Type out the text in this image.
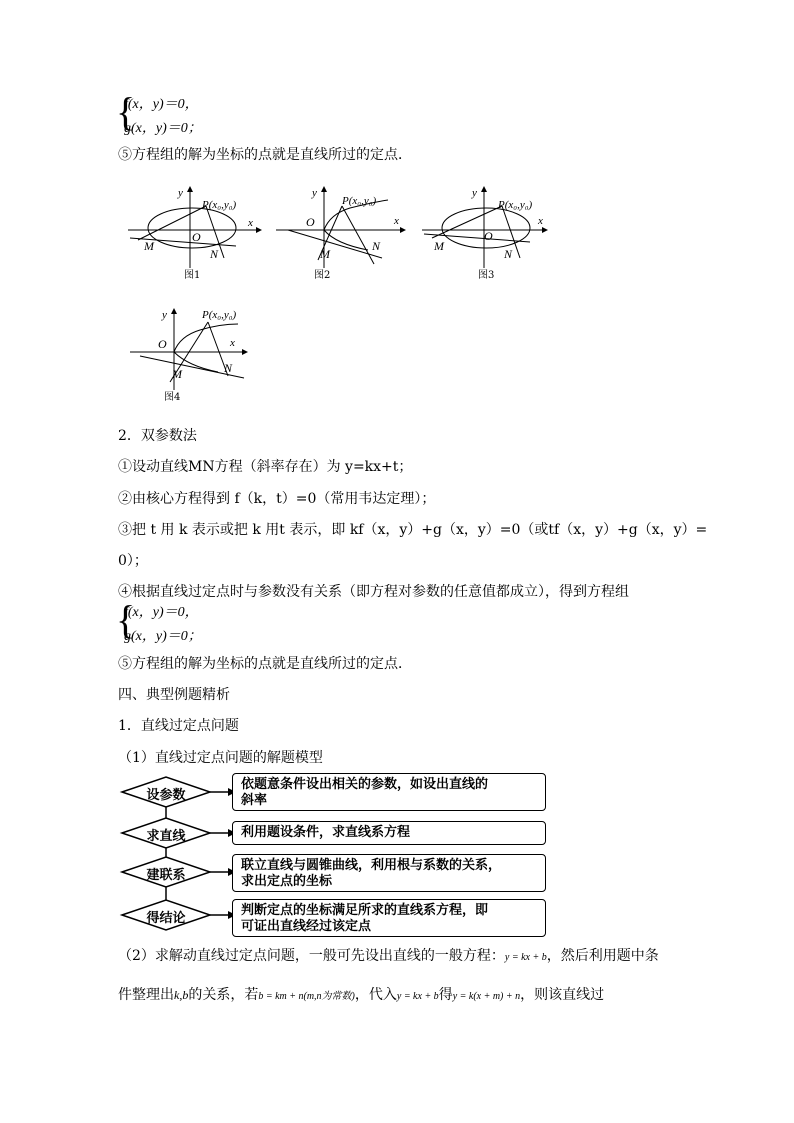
{
f(x，y)＝0，
g(x，y)＝0；
⑤方程组的解为坐标的点就是直线所过的定点．
y
x
P(x₀,y₀)
O
M
N
图1
y
x
P(x₀,y₀)
O
M
N
图2
y
x
P(x₀,y₀)
O
M
N
图3
y
x
P(x₀,y₀)
O
M	N
图4
2．双参数法
①设动直线MN方程（斜率存在）为 y=kx+t；
②由核心方程得到 f（k，t）=0（常用韦达定理）；
③把 t 用 k 表示或把 k 用t 表示，即 kf（x，y）+g（x，y）=0（或tf（x，y）+g（x，y）=
0）；
④根据直线过定点时与参数没有关系（即方程对参数的任意值都成立），得到方程组
{
f(x，y)＝0，
g(x，y)＝0；
⑤方程组的解为坐标的点就是直线所过的定点．
四、典型例题精析
1．直线过定点问题
（1）直线过定点问题的解题模型
设参数
求直线
建联系
得结论
依题意条件设出相关的参数，如设出直线的
斜率
利用题设条件，求直线系方程
联立直线与圆锥曲线，利用根与系数的关系，
求出定点的坐标
判断定点的坐标满足所求的直线系方程，即
可证出直线经过该定点
（2）求解动直线过定点问题，一般可先设出直线的一般方程：y = kx + b，然后利用题中条
件整理出k,b的关系，若b = km + n(m,n为常数)，代入y = kx + b得y = k(x + m) + n，则该直线过
